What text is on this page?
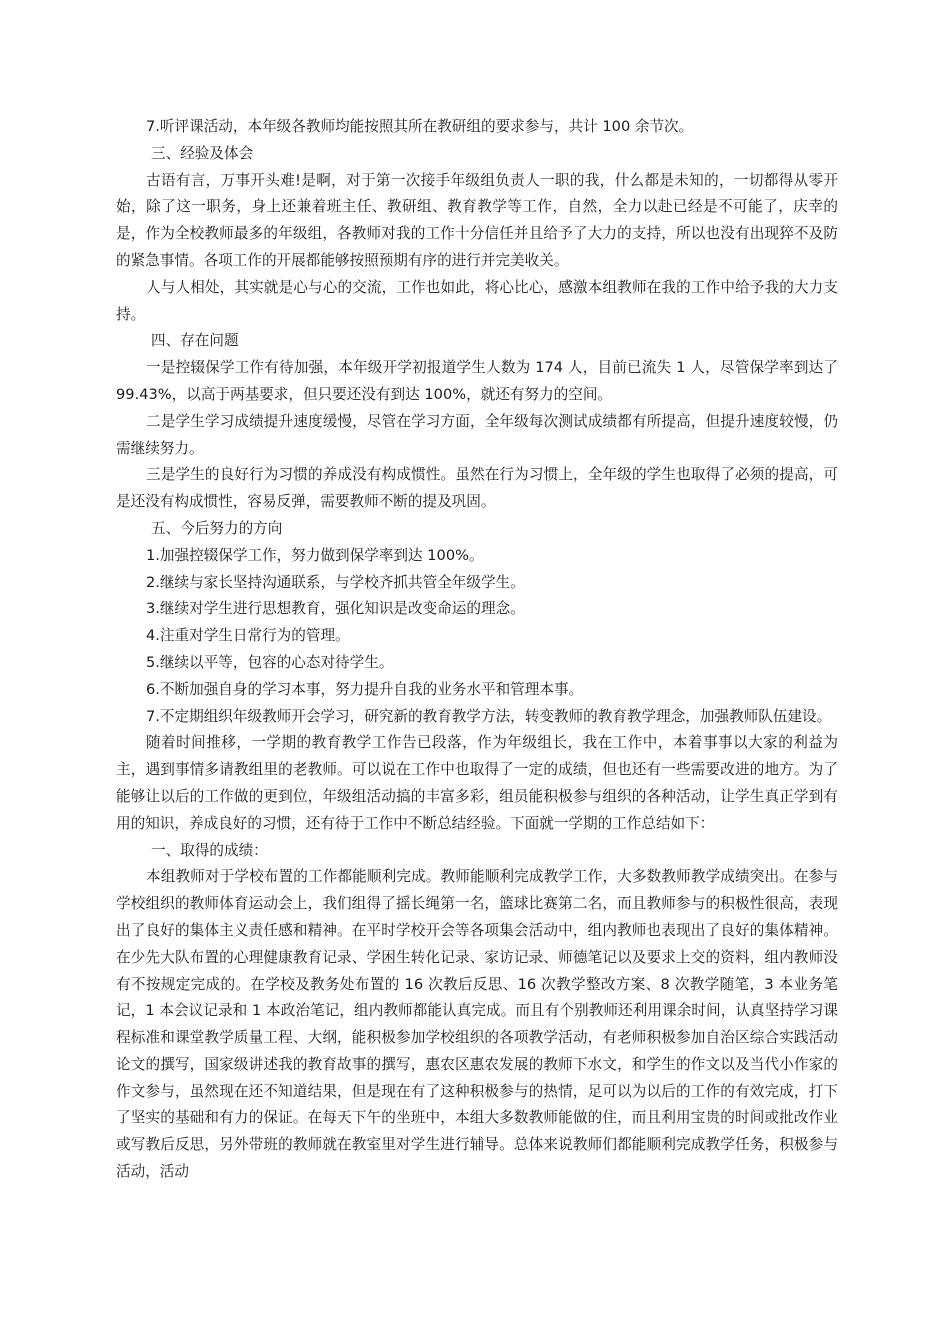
7.听评课活动，本年级各教师均能按照其所在教研组的要求参与，共计 100 余节次。

三、经验及体会

古语有言，万事开头难!是啊，对于第一次接手年级组负责人一职的我，什么都是未知的，一切都得从零开始，除了这一职务，身上还兼着班主任、教研组、教育教学等工作，自然，全力以赴已经是不可能了，庆幸的是，作为全校教师最多的年级组，各教师对我的工作十分信任并且给予了大力的支持，所以也没有出现猝不及防的紧急事情。各项工作的开展都能够按照预期有序的进行并完美收关。

人与人相处，其实就是心与心的交流，工作也如此，将心比心，感激本组教师在我的工作中给予我的大力支持。

四、存在问题

一是控辍保学工作有待加强，本年级开学初报道学生人数为 174 人，目前已流失 1 人，尽管保学率到达了 99.43%，以高于两基要求，但只要还没有到达 100%，就还有努力的空间。

二是学生学习成绩提升速度缓慢，尽管在学习方面，全年级每次测试成绩都有所提高，但提升速度较慢，仍需继续努力。

三是学生的良好行为习惯的养成没有构成惯性。虽然在行为习惯上，全年级的学生也取得了必须的提高，可是还没有构成惯性，容易反弹，需要教师不断的提及巩固。

五、今后努力的方向

1.加强控辍保学工作，努力做到保学率到达 100%。

2.继续与家长坚持沟通联系，与学校齐抓共管全年级学生。

3.继续对学生进行思想教育，强化知识是改变命运的理念。

4.注重对学生日常行为的管理。

5.继续以平等，包容的心态对待学生。

6.不断加强自身的学习本事，努力提升自我的业务水平和管理本事。

7.不定期组织年级教师开会学习，研究新的教育教学方法，转变教师的教育教学理念，加强教师队伍建设。

随着时间推移，一学期的教育教学工作告已段落，作为年级组长，我在工作中，本着事事以大家的利益为主，遇到事情多请教组里的老教师。可以说在工作中也取得了一定的成绩，但也还有一些需要改进的地方。为了能够让以后的工作做的更到位，年级组活动搞的丰富多彩，组员能积极参与组织的各种活动，让学生真正学到有用的知识，养成良好的习惯，还有待于工作中不断总结经验。下面就一学期的工作总结如下：

一、取得的成绩：

本组教师对于学校布置的工作都能顺利完成。教师能顺利完成教学工作，大多数教师教学成绩突出。在参与学校组织的教师体育运动会上，我们组得了摇长绳第一名，篮球比赛第二名，而且教师参与的积极性很高，表现出了良好的集体主义责任感和精神。在平时学校开会等各项集会活动中，组内教师也表现出了良好的集体精神。在少先大队布置的心理健康教育记录、学困生转化记录、家访记录、师德笔记以及要求上交的资料，组内教师没有不按规定完成的。在学校及教务处布置的 16 次教后反思、16 次教学整改方案、8 次教学随笔，3 本业务笔记，1 本会议记录和 1 本政治笔记，组内教师都能认真完成。而且有个别教师还利用课余时间，认真坚持学习课程标准和课堂教学质量工程、大纲，能积极参加学校组织的各项教学活动，有老师积极参加自治区综合实践活动论文的撰写，国家级讲述我的教育故事的撰写，惠农区惠农发展的教师下水文，和学生的作文以及当代小作家的作文参与，虽然现在还不知道结果，但是现在有了这种积极参与的热情，足可以为以后的工作的有效完成，打下了坚实的基础和有力的保证。在每天下午的坐班中，本组大多数教师能做的住，而且利用宝贵的时间或批改作业或写教后反思，另外带班的教师就在教室里对学生进行辅导。总体来说教师们都能顺利完成教学任务，积极参与活动，活动
